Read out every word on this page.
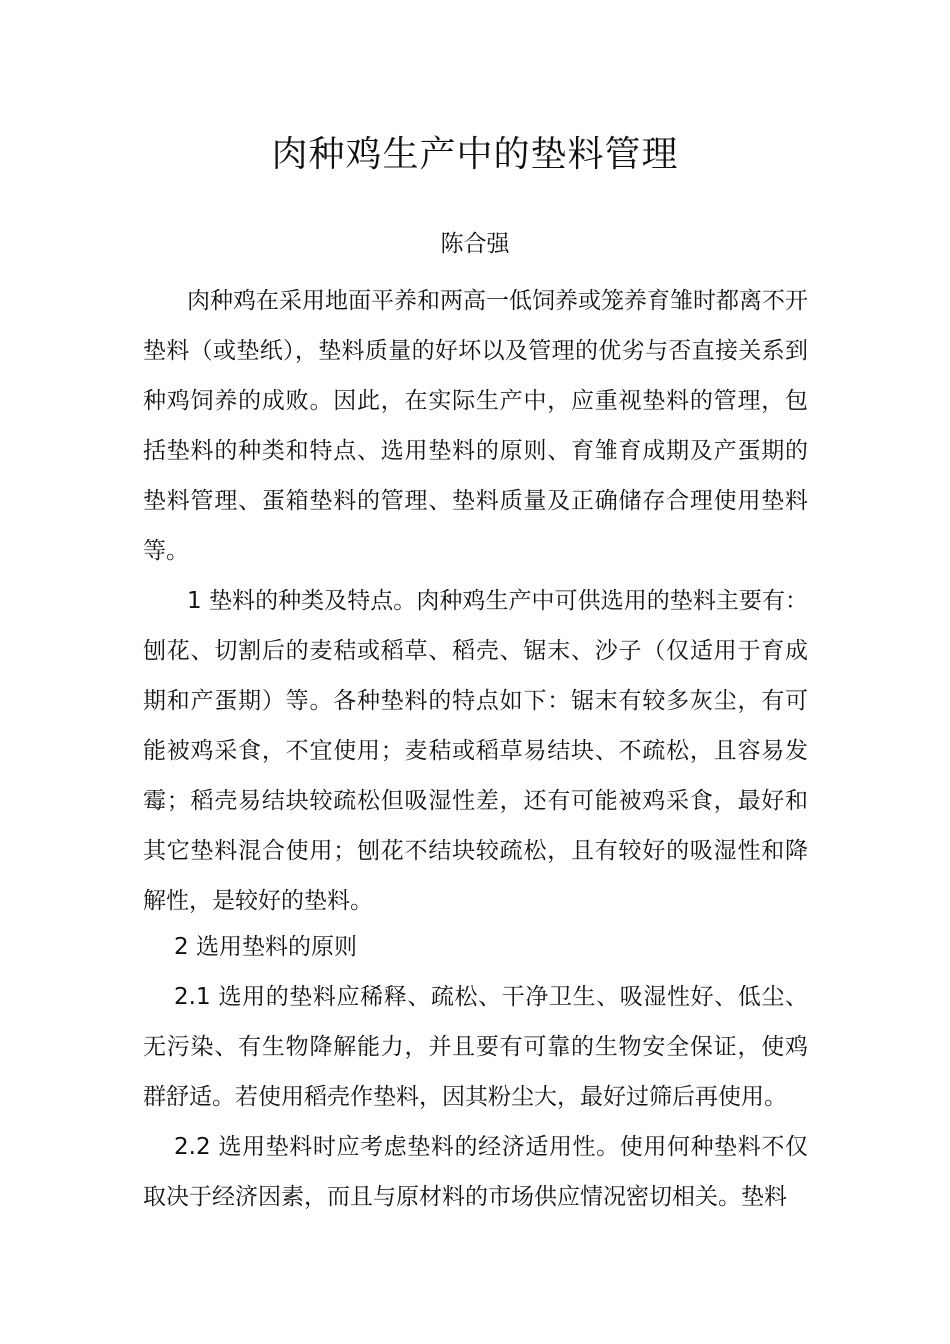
肉种鸡生产中的垫料管理
陈合强
肉种鸡在采用地面平养和两高一低饲养或笼养育雏时都离不开垫料（或垫纸），垫料质量的好坏以及管理的优劣与否直接关系到种鸡饲养的成败。因此，在实际生产中，应重视垫料的管理，包括垫料的种类和特点、选用垫料的原则、育雏育成期及产蛋期的垫料管理、蛋箱垫料的管理、垫料质量及正确储存合理使用垫料等。
1 垫料的种类及特点。肉种鸡生产中可供选用的垫料主要有：刨花、切割后的麦秸或稻草、稻壳、锯末、沙子（仅适用于育成期和产蛋期）等。各种垫料的特点如下：锯末有较多灰尘，有可能被鸡采食，不宜使用；麦秸或稻草易结块、不疏松，且容易发霉；稻壳易结块较疏松但吸湿性差，还有可能被鸡采食，最好和其它垫料混合使用；刨花不结块较疏松，且有较好的吸湿性和降解性，是较好的垫料。
2 选用垫料的原则
2.1 选用的垫料应稀释、疏松、干净卫生、吸湿性好、低尘、无污染、有生物降解能力，并且要有可靠的生物安全保证，使鸡群舒适。若使用稻壳作垫料，因其粉尘大，最好过筛后再使用。
2.2 选用垫料时应考虑垫料的经济适用性。使用何种垫料不仅取决于经济因素，而且与原材料的市场供应情况密切相关。垫料
